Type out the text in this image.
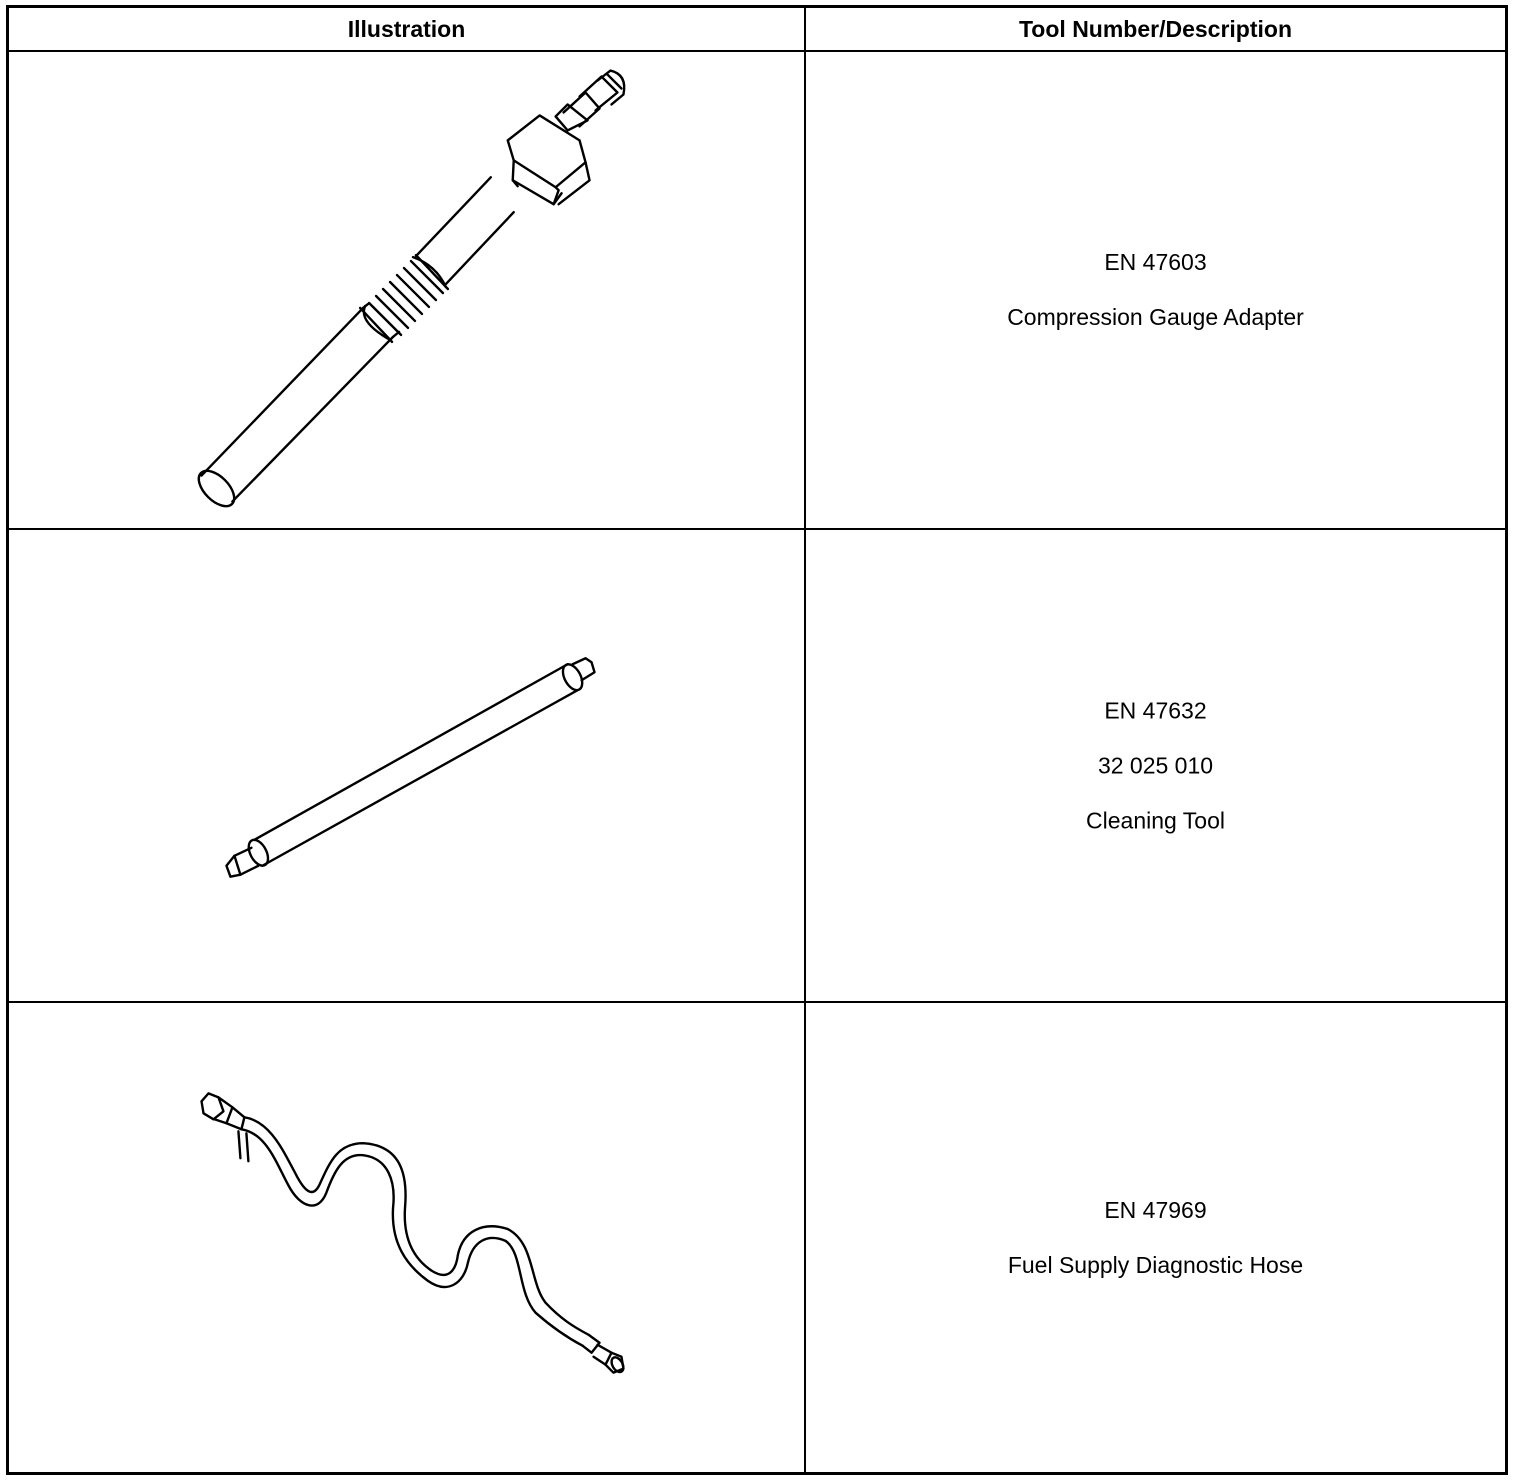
Illustration	Tool Number/Description
EN 47603
Compression Gauge Adapter
EN 47632
32 025 010
Cleaning Tool
EN 47969
Fuel Supply Diagnostic Hose
